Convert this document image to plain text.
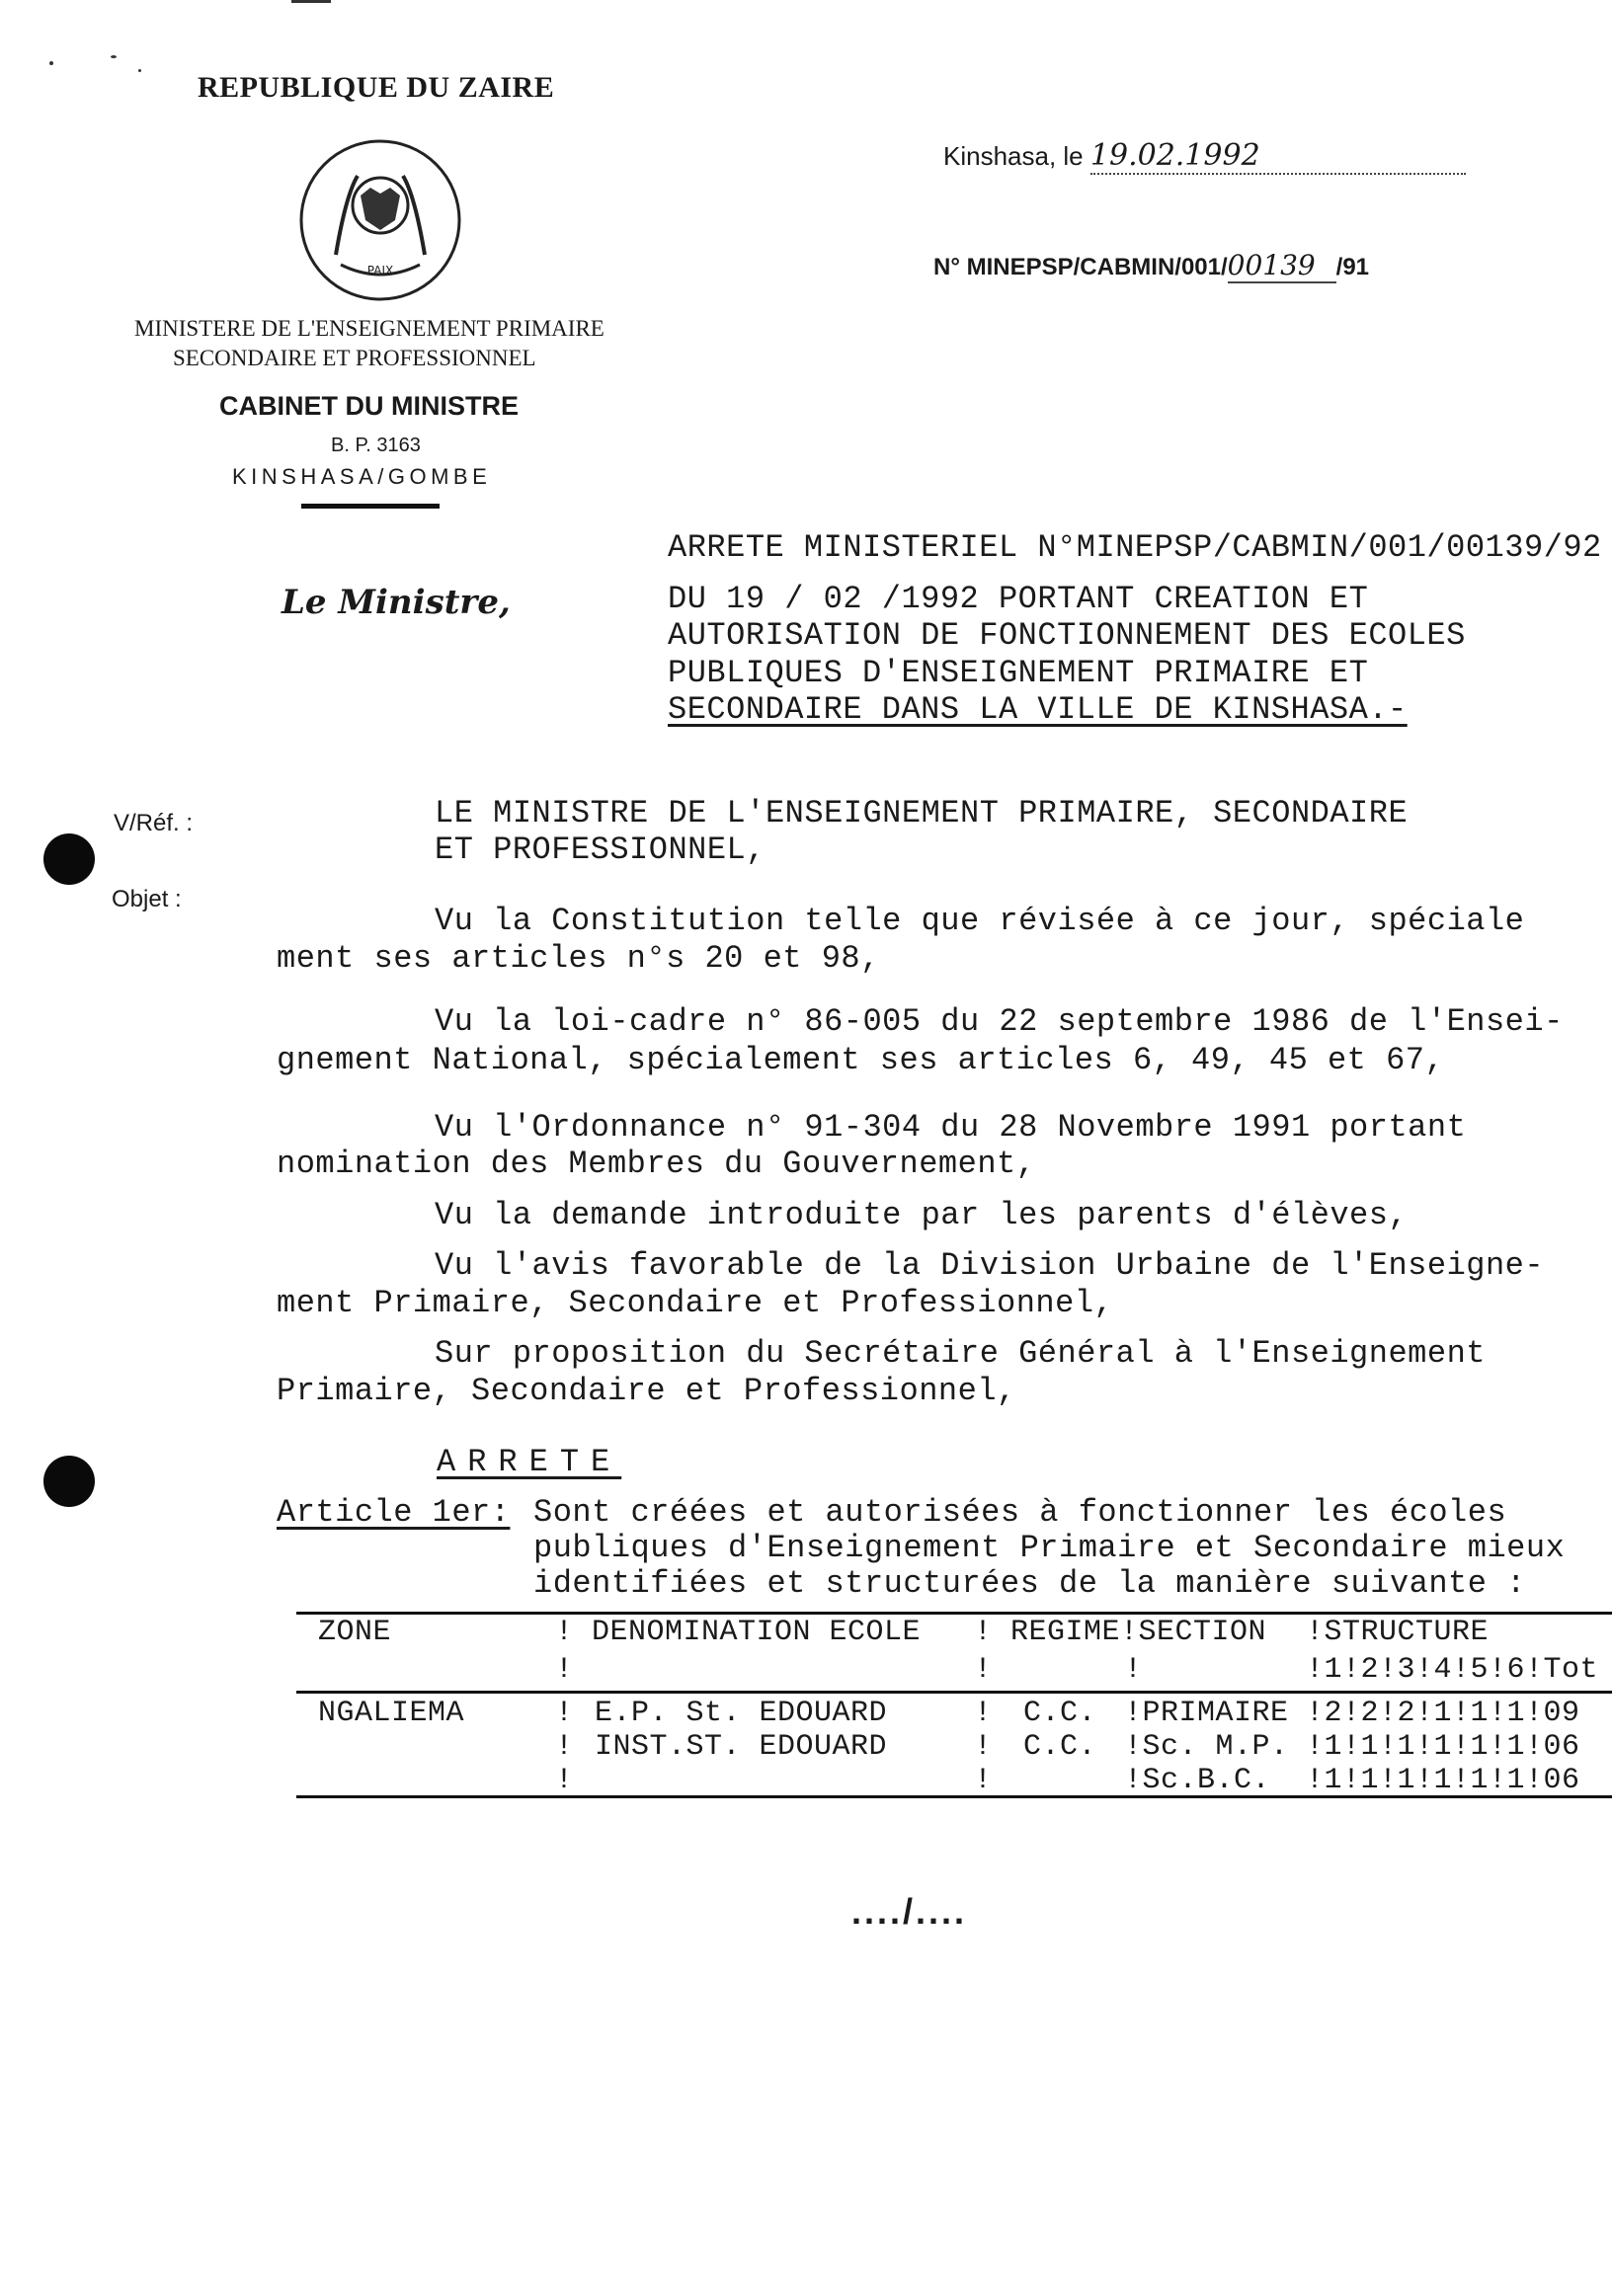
REPUBLIQUE DU ZAIRE
PAIX
MINISTERE DE L'ENSEIGNEMENT PRIMAIRE
SECONDAIRE ET PROFESSIONNEL
CABINET DU MINISTRE
B. P. 3163
KINSHASA/GOMBE
Kinshasa, le 19.02.1992
N° MINEPSP/CABMIN/001/00139 /91
ARRETE MINISTERIEL N°MINEPSP/CABMIN/001/00139/92
DU 19 / 02 /1992 PORTANT CREATION ET
AUTORISATION DE FONCTIONNEMENT DES ECOLES
PUBLIQUES D'ENSEIGNEMENT PRIMAIRE ET
SECONDAIRE DANS LA VILLE DE KINSHASA.-
Le Ministre,
V/Réf. :
Objet :
LE MINISTRE DE L'ENSEIGNEMENT PRIMAIRE, SECONDAIRE
ET PROFESSIONNEL,
Vu la Constitution telle que révisée à ce jour, spéciale
ment ses articles n°s 20 et 98,
Vu la loi-cadre n° 86-005 du 22 septembre 1986 de l'Ensei-
gnement National, spécialement ses articles 6, 49, 45 et 67,
Vu l'Ordonnance n° 91-304 du 28 Novembre 1991 portant
nomination des Membres du Gouvernement,
Vu la demande introduite par les parents d'élèves,
Vu l'avis favorable de la Division Urbaine de l'Enseigne-
ment Primaire, Secondaire et Professionnel,
Sur proposition du Secrétaire Général à l'Enseignement
Primaire, Secondaire et Professionnel,
ARRETE
Article 1er: Sont créées et autorisées à fonctionner les écoles
publiques d'Enseignement Primaire et Secondaire mieux
identifiées et structurées de la manière suivante :
ZONE	! DENOMINATION ECOLE ! REGIME!SECTION !STRUCTURE
!	!	!	!1!2!3!4!5!6!Tot
NGALIEMA	! E.P. St. EDOUARD	! C.C. !PRIMAIRE !2!2!2!1!1!1!09
! INST.ST. EDOUARD	! C.C. !Sc. M.P. !1!1!1!1!1!1!06
!	!	!Sc.B.C. !1!1!1!1!1!1!06
..../....
